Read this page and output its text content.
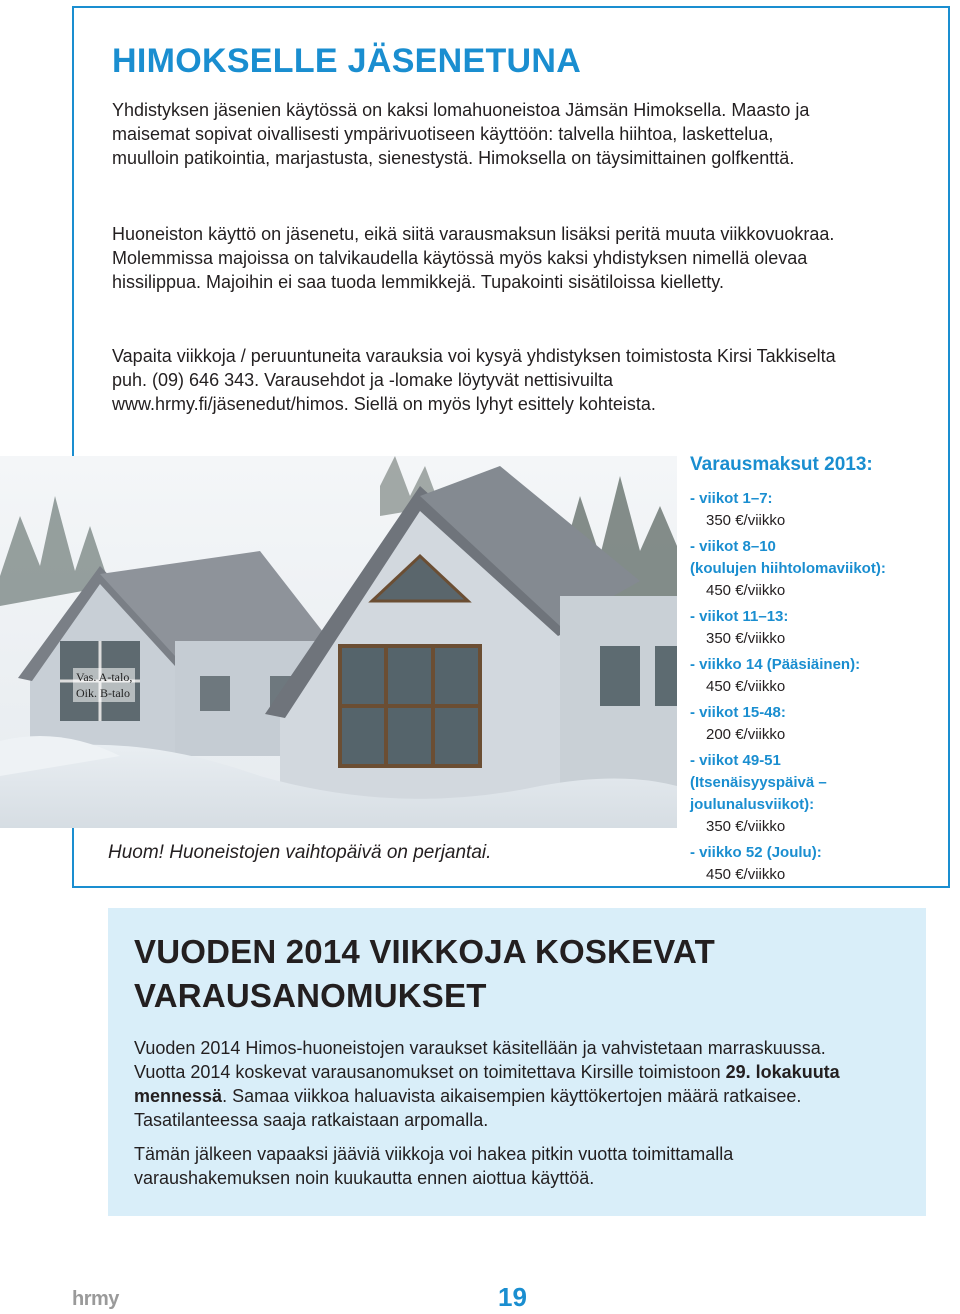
HIMOKSELLE JÄSENETUNA

Yhdistyksen jäsenien käytössä on kaksi lomahuoneistoa Jämsän Himoksella. Maasto ja maisemat sopivat oivallisesti ympärivuotiseen käyttöön: talvella hiihtoa, laskettelua, muulloin patikointia, marjastusta, sienestystä. Himoksella on täysimittainen golfkenttä.

Huoneiston käyttö on jäsenetu, eikä siitä varausmaksun lisäksi peritä muuta viikkovuokraa. Molemmissa majoissa on talvikaudella käytössä myös kaksi yhdistyksen nimellä olevaa hissilippua. Majoihin ei saa tuoda lemmikkejä. Tupakointi sisätiloissa kielletty.

Vapaita viikkoja / peruuntuneita varauksia voi kysyä yhdistyksen toimistosta Kirsi Takkiselta puh. (09) 646 343. Varausehdot ja -lomake löytyvät nettisivuilta www.hrmy.fi/jäsenedut/himos. Siellä on myös lyhyt esittely kohteista.

Vas. A-talo,
Oik. B-talo

Huom! Huoneistojen vaihtopäivä on perjantai.

Varausmaksut 2013:
- viikot 1–7:
350 €/viikko
- viikot 8–10
(koulujen hiihtolomaviikot):
450 €/viikko
- viikot 11–13:
350 €/viikko
- viikko 14 (Pääsiäinen):
450 €/viikko
- viikot 15-48:
200 €/viikko
- viikot 49-51
(Itsenäisyyspäivä –
joulunalusviikot):
350 €/viikko
- viikko 52 (Joulu):
450 €/viikko
VUODEN 2014 VIIKKOJA KOSKEVAT VARAUSANOMUKSET

Vuoden 2014 Himos-huoneistojen varaukset käsitellään ja vahvistetaan marraskuussa. Vuotta 2014 koskevat varausanomukset on toimitettava Kirsille toimistoon 29. lokakuuta mennessä. Samaa viikkoa haluavista aikaisempien käyttökertojen määrä ratkaisee. Tasatilanteessa saaja ratkaistaan arpomalla.

Tämän jälkeen vapaaksi jääviä viikkoja voi hakea pitkin vuotta toimittamalla varaushakemuksen noin kuukautta ennen aiottua käyttöä.

hrmy	19
